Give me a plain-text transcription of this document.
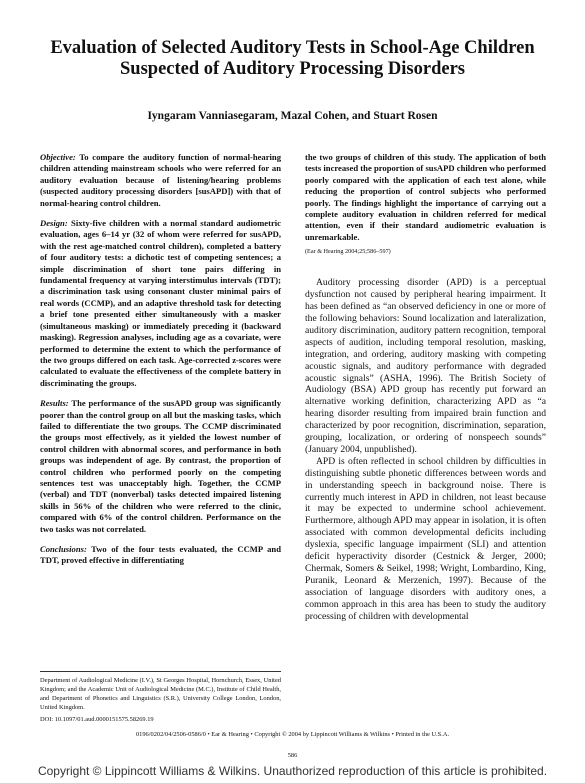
Evaluation of Selected Auditory Tests in School-Age Children Suspected of Auditory Processing Disorders
Iyngaram Vanniasegaram, Mazal Cohen, and Stuart Rosen

Objective: To compare the auditory function of normal-hearing children attending mainstream schools who were referred for an auditory evaluation because of listening/hearing problems (suspected auditory processing disorders [susAPD]) with that of normal-hearing control children.

Design: Sixty-five children with a normal standard audiometric evaluation, ages 6–14 yr (32 of whom were referred for susAPD, with the rest age-matched control children), completed a battery of four auditory tests: a dichotic test of competing sentences; a simple discrimination of short tone pairs differing in fundamental frequency at varying interstimulus intervals (TDT); a discrimination task using consonant cluster minimal pairs of real words (CCMP), and an adaptive threshold task for detecting a brief tone presented either simultaneously with a masker (simultaneous masking) or immediately preceding it (backward masking). Regression analyses, including age as a covariate, were performed to determine the extent to which the performance of the two groups differed on each task. Age-corrected z-scores were calculated to evaluate the effectiveness of the complete battery in discriminating the groups.

Results: The performance of the susAPD group was significantly poorer than the control group on all but the masking tasks, which failed to differentiate the two groups. The CCMP discriminated the groups most effectively, as it yielded the lowest number of control children with abnormal scores, and performance in both groups was independent of age. By contrast, the proportion of control children who performed poorly on the competing sentences test was unacceptably high. Together, the CCMP (verbal) and TDT (nonverbal) tasks detected impaired listening skills in 56% of the children who were referred to the clinic, compared with 6% of the control children. Performance on the two tasks was not correlated.

Conclusions: Two of the four tests evaluated, the CCMP and TDT, proved effective in differentiating

the two groups of children of this study. The application of both tests increased the proportion of susAPD children who performed poorly compared with the application of each test alone, while reducing the proportion of control subjects who performed poorly. The findings highlight the importance of carrying out a complete auditory evaluation in children referred for medical attention, even if their standard audiometric evaluation is unremarkable.

(Ear & Hearing 2004;25;586–597)

Auditory processing disorder (APD) is a perceptual dysfunction not caused by peripheral hearing impairment. It has been defined as “an observed deficiency in one or more of the following behaviors: Sound localization and lateralization, auditory discrimination, auditory pattern recognition, temporal aspects of audition, including temporal resolution, masking, integration, and ordering, auditory masking with competing acoustic signals, and auditory performance with degraded acoustic signals” (ASHA, 1996). The British Society of Audiology (BSA) APD group has recently put forward an alternative working definition, characterizing APD as “a hearing disorder resulting from impaired brain function and characterized by poor recognition, discrimination, separation, grouping, localization, or ordering of nonspeech sounds” (January 2004, unpublished).

APD is often reflected in school children by difficulties in distinguishing subtle phonetic differences between words and in understanding speech in background noise. There is currently much interest in APD in children, not least because it may be expected to undermine school achievement. Furthermore, although APD may appear in isolation, it is often associated with common developmental deficits including dyslexia, specific language impairment (SLI) and attention deficit hyperactivity disorder (Cestnick & Jerger, 2000; Chermak, Somers & Seikel, 1998; Wright, Lombardino, King, Puranik, Leonard & Merzenich, 1997). Because of the association of language disorders with auditory ones, a common approach in this area has been to study the auditory processing of children with developmental

Department of Audiological Medicine (I.V.), St Georges Hospital, Hornchurch, Essex, United Kingdom; and the Academic Unit of Audiological Medicine (M.C.), Institute of Child Health, and Department of Phonetics and Linguistics (S.R.), University College London, London, United Kingdom.

DOI: 10.1097/01.aud.0000151575.58269.19

0196/0202/04/2506-0586/0 • Ear & Hearing • Copyright © 2004 by Lippincott Williams & Wilkins • Printed in the U.S.A.
586
Copyright © Lippincott Williams & Wilkins. Unauthorized reproduction of this article is prohibited.
